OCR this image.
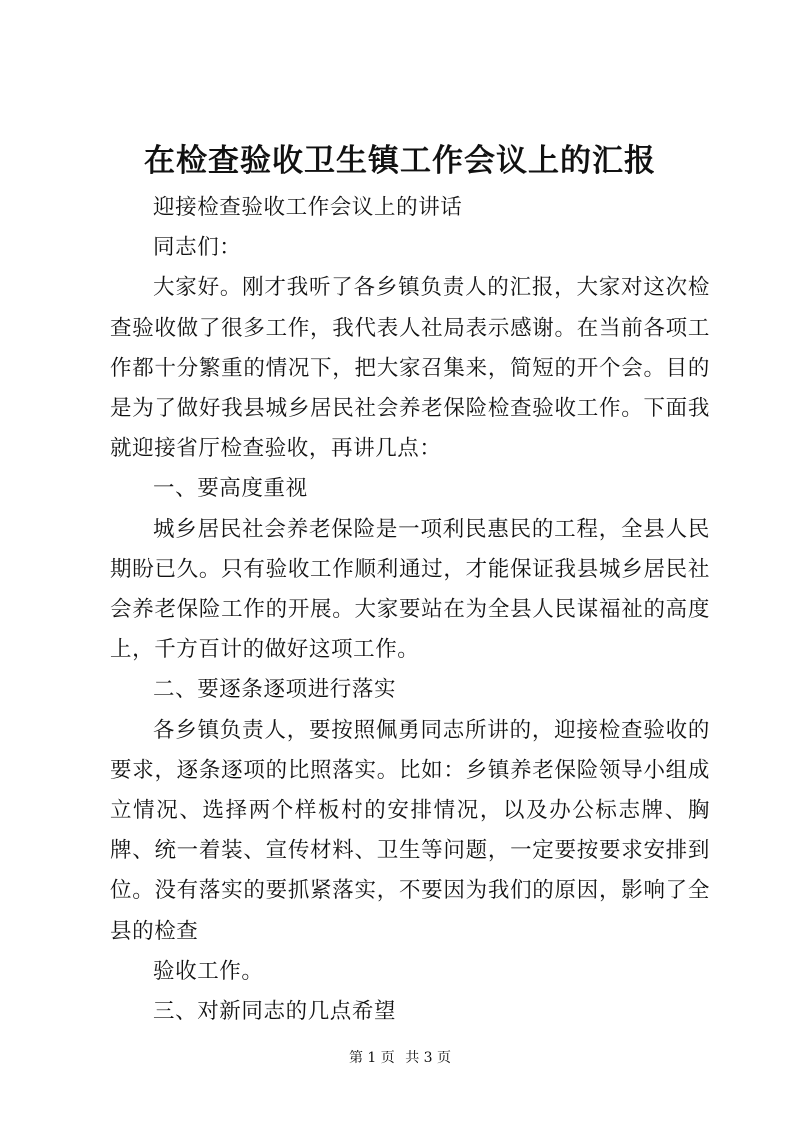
在检查验收卫生镇工作会议上的汇报

迎接检查验收工作会议上的讲话

同志们：

大家好。刚才我听了各乡镇负责人的汇报，大家对这次检查验收做了很多工作，我代表人社局表示感谢。在当前各项工作都十分繁重的情况下，把大家召集来，简短的开个会。目的是为了做好我县城乡居民社会养老保险检查验收工作。下面我就迎接省厅检查验收，再讲几点：

一、要高度重视

城乡居民社会养老保险是一项利民惠民的工程，全县人民期盼已久。只有验收工作顺利通过，才能保证我县城乡居民社会养老保险工作的开展。大家要站在为全县人民谋福祉的高度上，千方百计的做好这项工作。

二、要逐条逐项进行落实

各乡镇负责人，要按照佩勇同志所讲的，迎接检查验收的要求，逐条逐项的比照落实。比如：乡镇养老保险领导小组成立情况、选择两个样板村的安排情况，以及办公标志牌、胸牌、统一着装、宣传材料、卫生等问题，一定要按要求安排到位。没有落实的要抓紧落实，不要因为我们的原因，影响了全县的检查

验收工作。

三、对新同志的几点希望

第 1 页 共 3 页
